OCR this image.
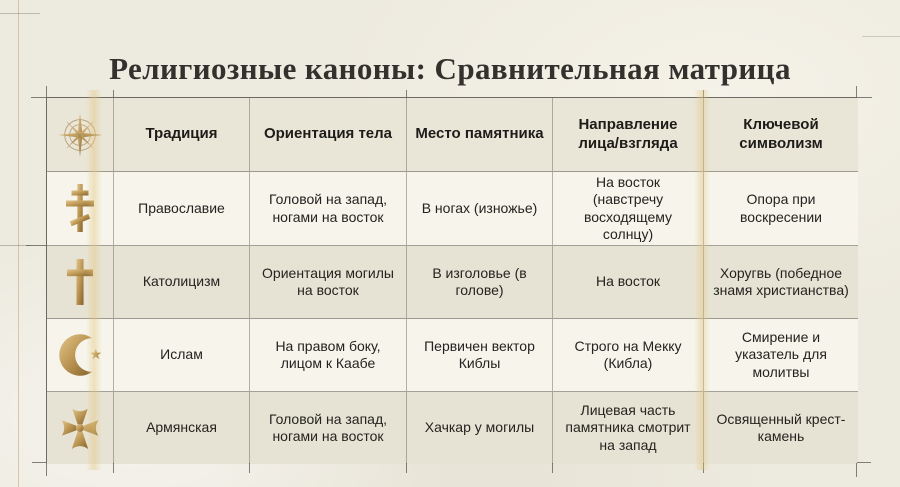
Религиозные каноны: Сравнительная матрица
Традиция	Ориентация тела	Место памятника
Направление лица/взгляда
Ключевой символизм
Православие
Головой на запад, ногами на восток
В ногах (изножье)
На восток (навстречу восходящему солнцу)
Опора при воскресении
Католицизм
Ориентация могилы на восток
В изголовье (в голове)
На восток
Хоругвь (победное знамя христианства)
Ислам
На правом боку, лицом к Каабе
Первичен вектор Киблы
Строго на Мекку (Кибла)
Смирение и указатель для молитвы
Армянская
Головой на запад, ногами на восток
Хачкар у могилы
Лицевая часть памятника смотрит на запад
Освященный крест-камень
